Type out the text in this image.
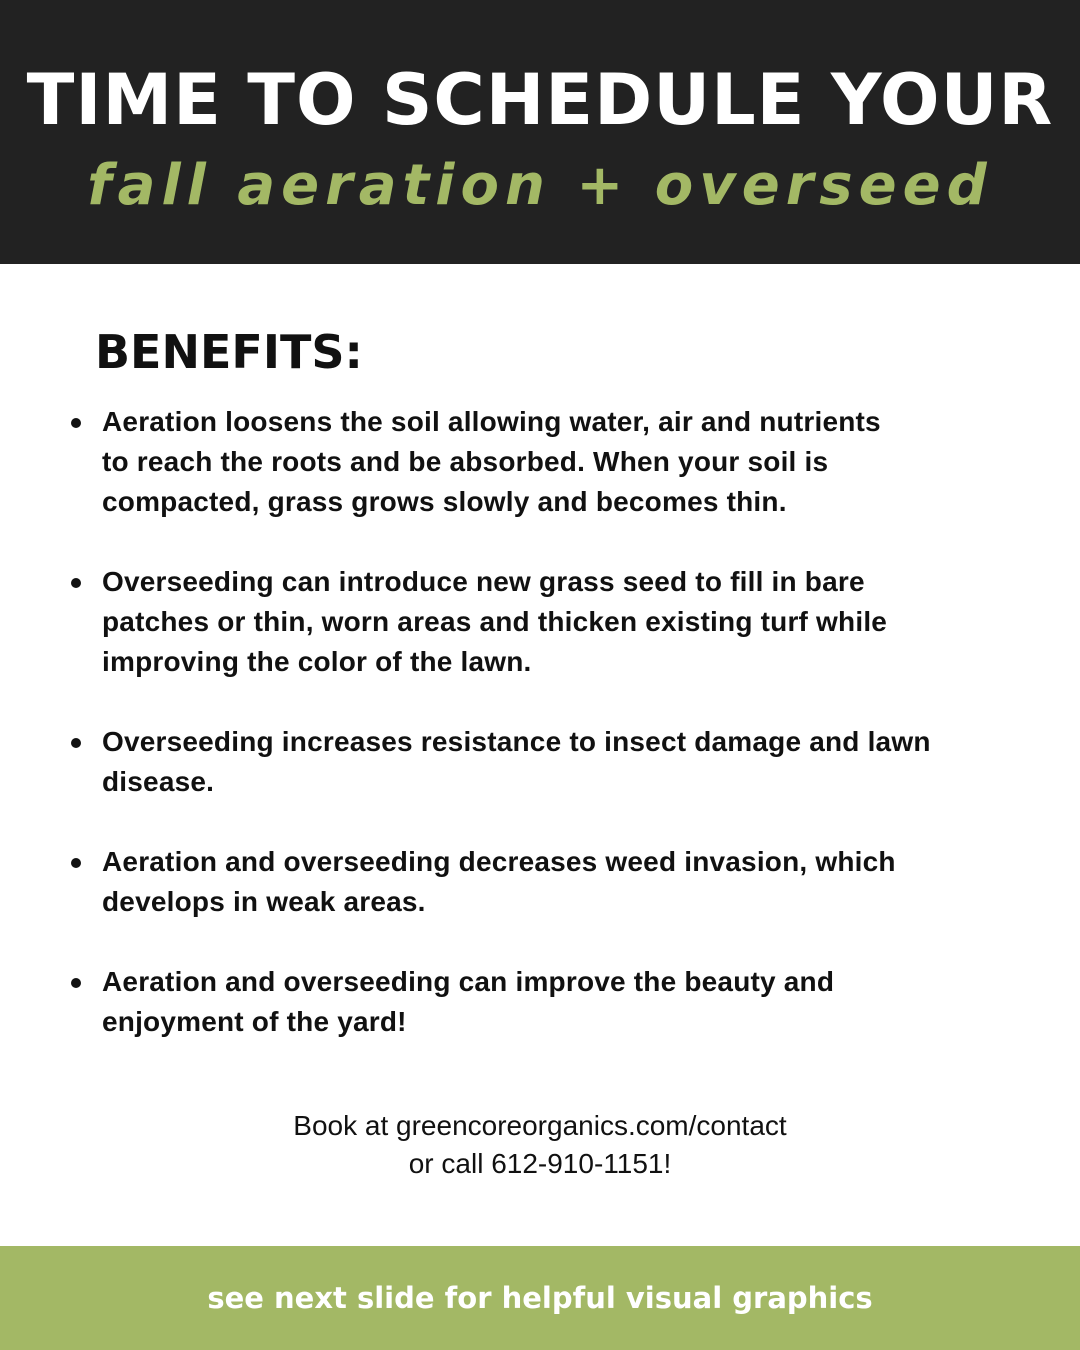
TIME TO SCHEDULE YOUR
fall aeration + overseed
BENEFITS:
Aeration loosens the soil allowing water, air and nutrients
to reach the roots and be absorbed. When your soil is
compacted, grass grows slowly and becomes thin.
Overseeding can introduce new grass seed to fill in bare
patches or thin, worn areas and thicken existing turf while
improving the color of the lawn.
Overseeding increases resistance to insect damage and lawn
disease.
Aeration and overseeding decreases weed invasion, which
develops in weak areas.
Aeration and overseeding can improve the beauty and
enjoyment of the yard!
Book at greencoreorganics.com/contact
or call 612-910-1151!
see next slide for helpful visual graphics
